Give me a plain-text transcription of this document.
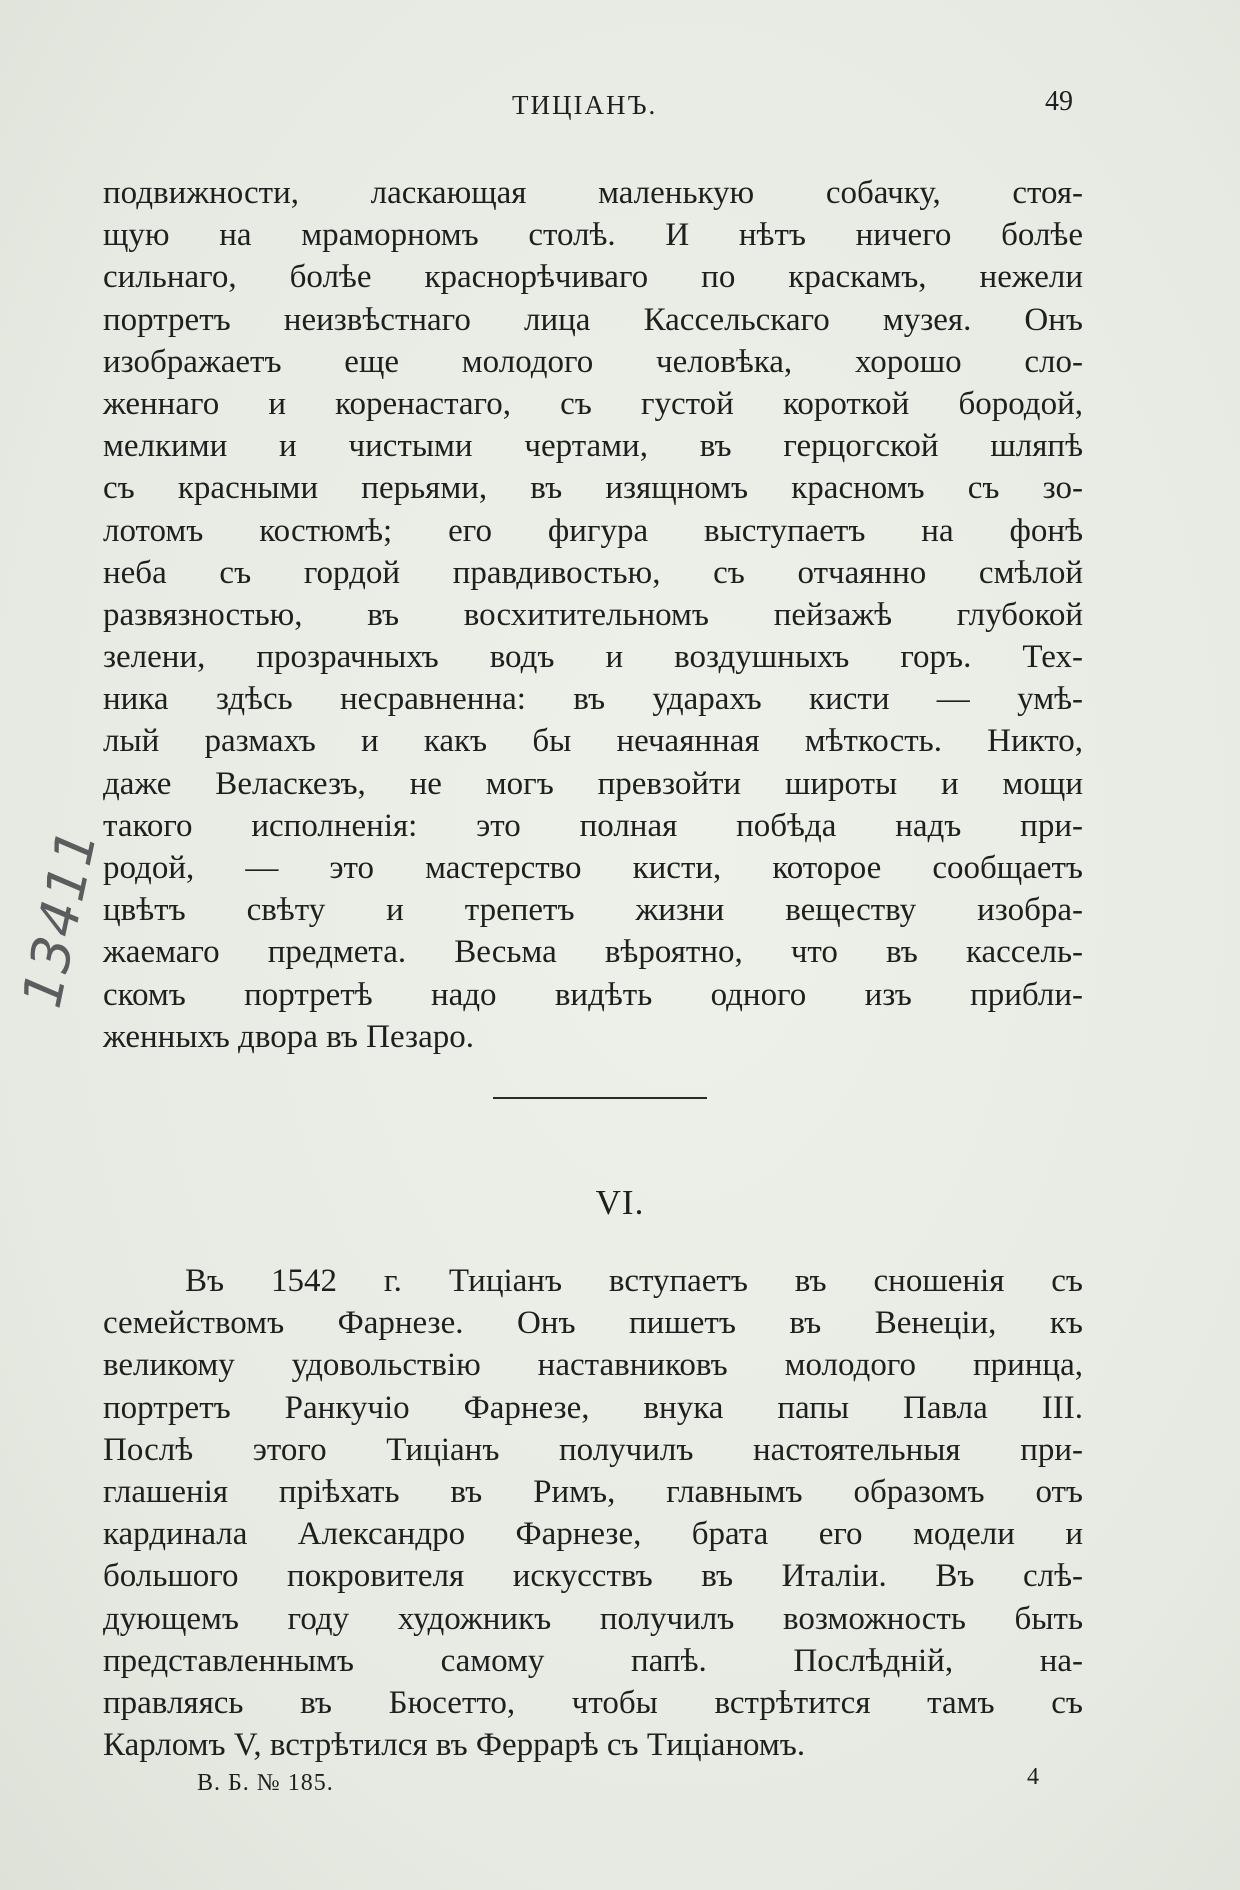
ТИЦІАНЪ.	49
13411
подвижности, ласкающая маленькую собачку, стоя-
щую на мраморномъ столѣ. И нѣтъ ничего болѣе
сильнаго, болѣе краснорѣчиваго по краскамъ, нежели
портретъ неизвѣстнаго лица Кассельскаго музея. Онъ
изображаетъ еще молодого человѣка, хорошо сло-
женнаго и коренастаго, съ густой короткой бородой,
мелкими и чистыми чертами, въ герцогской шляпѣ
съ красными перьями, въ изящномъ красномъ съ зо-
лотомъ костюмѣ; его фигура выступаетъ на фонѣ
неба съ гордой правдивостью, съ отчаянно смѣлой
развязностью, въ восхитительномъ пейзажѣ глубокой
зелени, прозрачныхъ водъ и воздушныхъ горъ. Тех-
ника здѣсь несравненна: въ ударахъ кисти — умѣ-
лый размахъ и какъ бы нечаянная мѣткость. Никто,
даже Веласкезъ, не могъ превзойти широты и мощи
такого исполненія: это полная побѣда надъ при-
родой, — это мастерство кисти, которое сообщаетъ
цвѣтъ свѣту и трепетъ жизни веществу изобра-
жаемаго предмета. Весьма вѣроятно, что въ кассель-
скомъ портретѣ надо видѣть одного изъ прибли-
женныхъ двора въ Пезаро.
VI.
Въ 1542 г. Тиціанъ вступаетъ въ сношенія съ
семействомъ Фарнезе. Онъ пишетъ въ Венеціи, къ
великому удовольствію наставниковъ молодого принца,
портретъ Ранкучіо Фарнезе, внука папы Павла III.
Послѣ этого Тиціанъ получилъ настоятельныя при-
глашенія пріѣхать въ Римъ, главнымъ образомъ отъ
кардинала Александро Фарнезе, брата его модели и
большого покровителя искусствъ въ Италіи. Въ слѣ-
дующемъ году художникъ получилъ возможность быть
представленнымъ самому папѣ. Послѣдній, на-
правляясь въ Бюсетто, чтобы встрѣтится тамъ съ
Карломъ V, встрѣтился въ Феррарѣ съ Тиціаномъ.
В. Б. № 185.	4
